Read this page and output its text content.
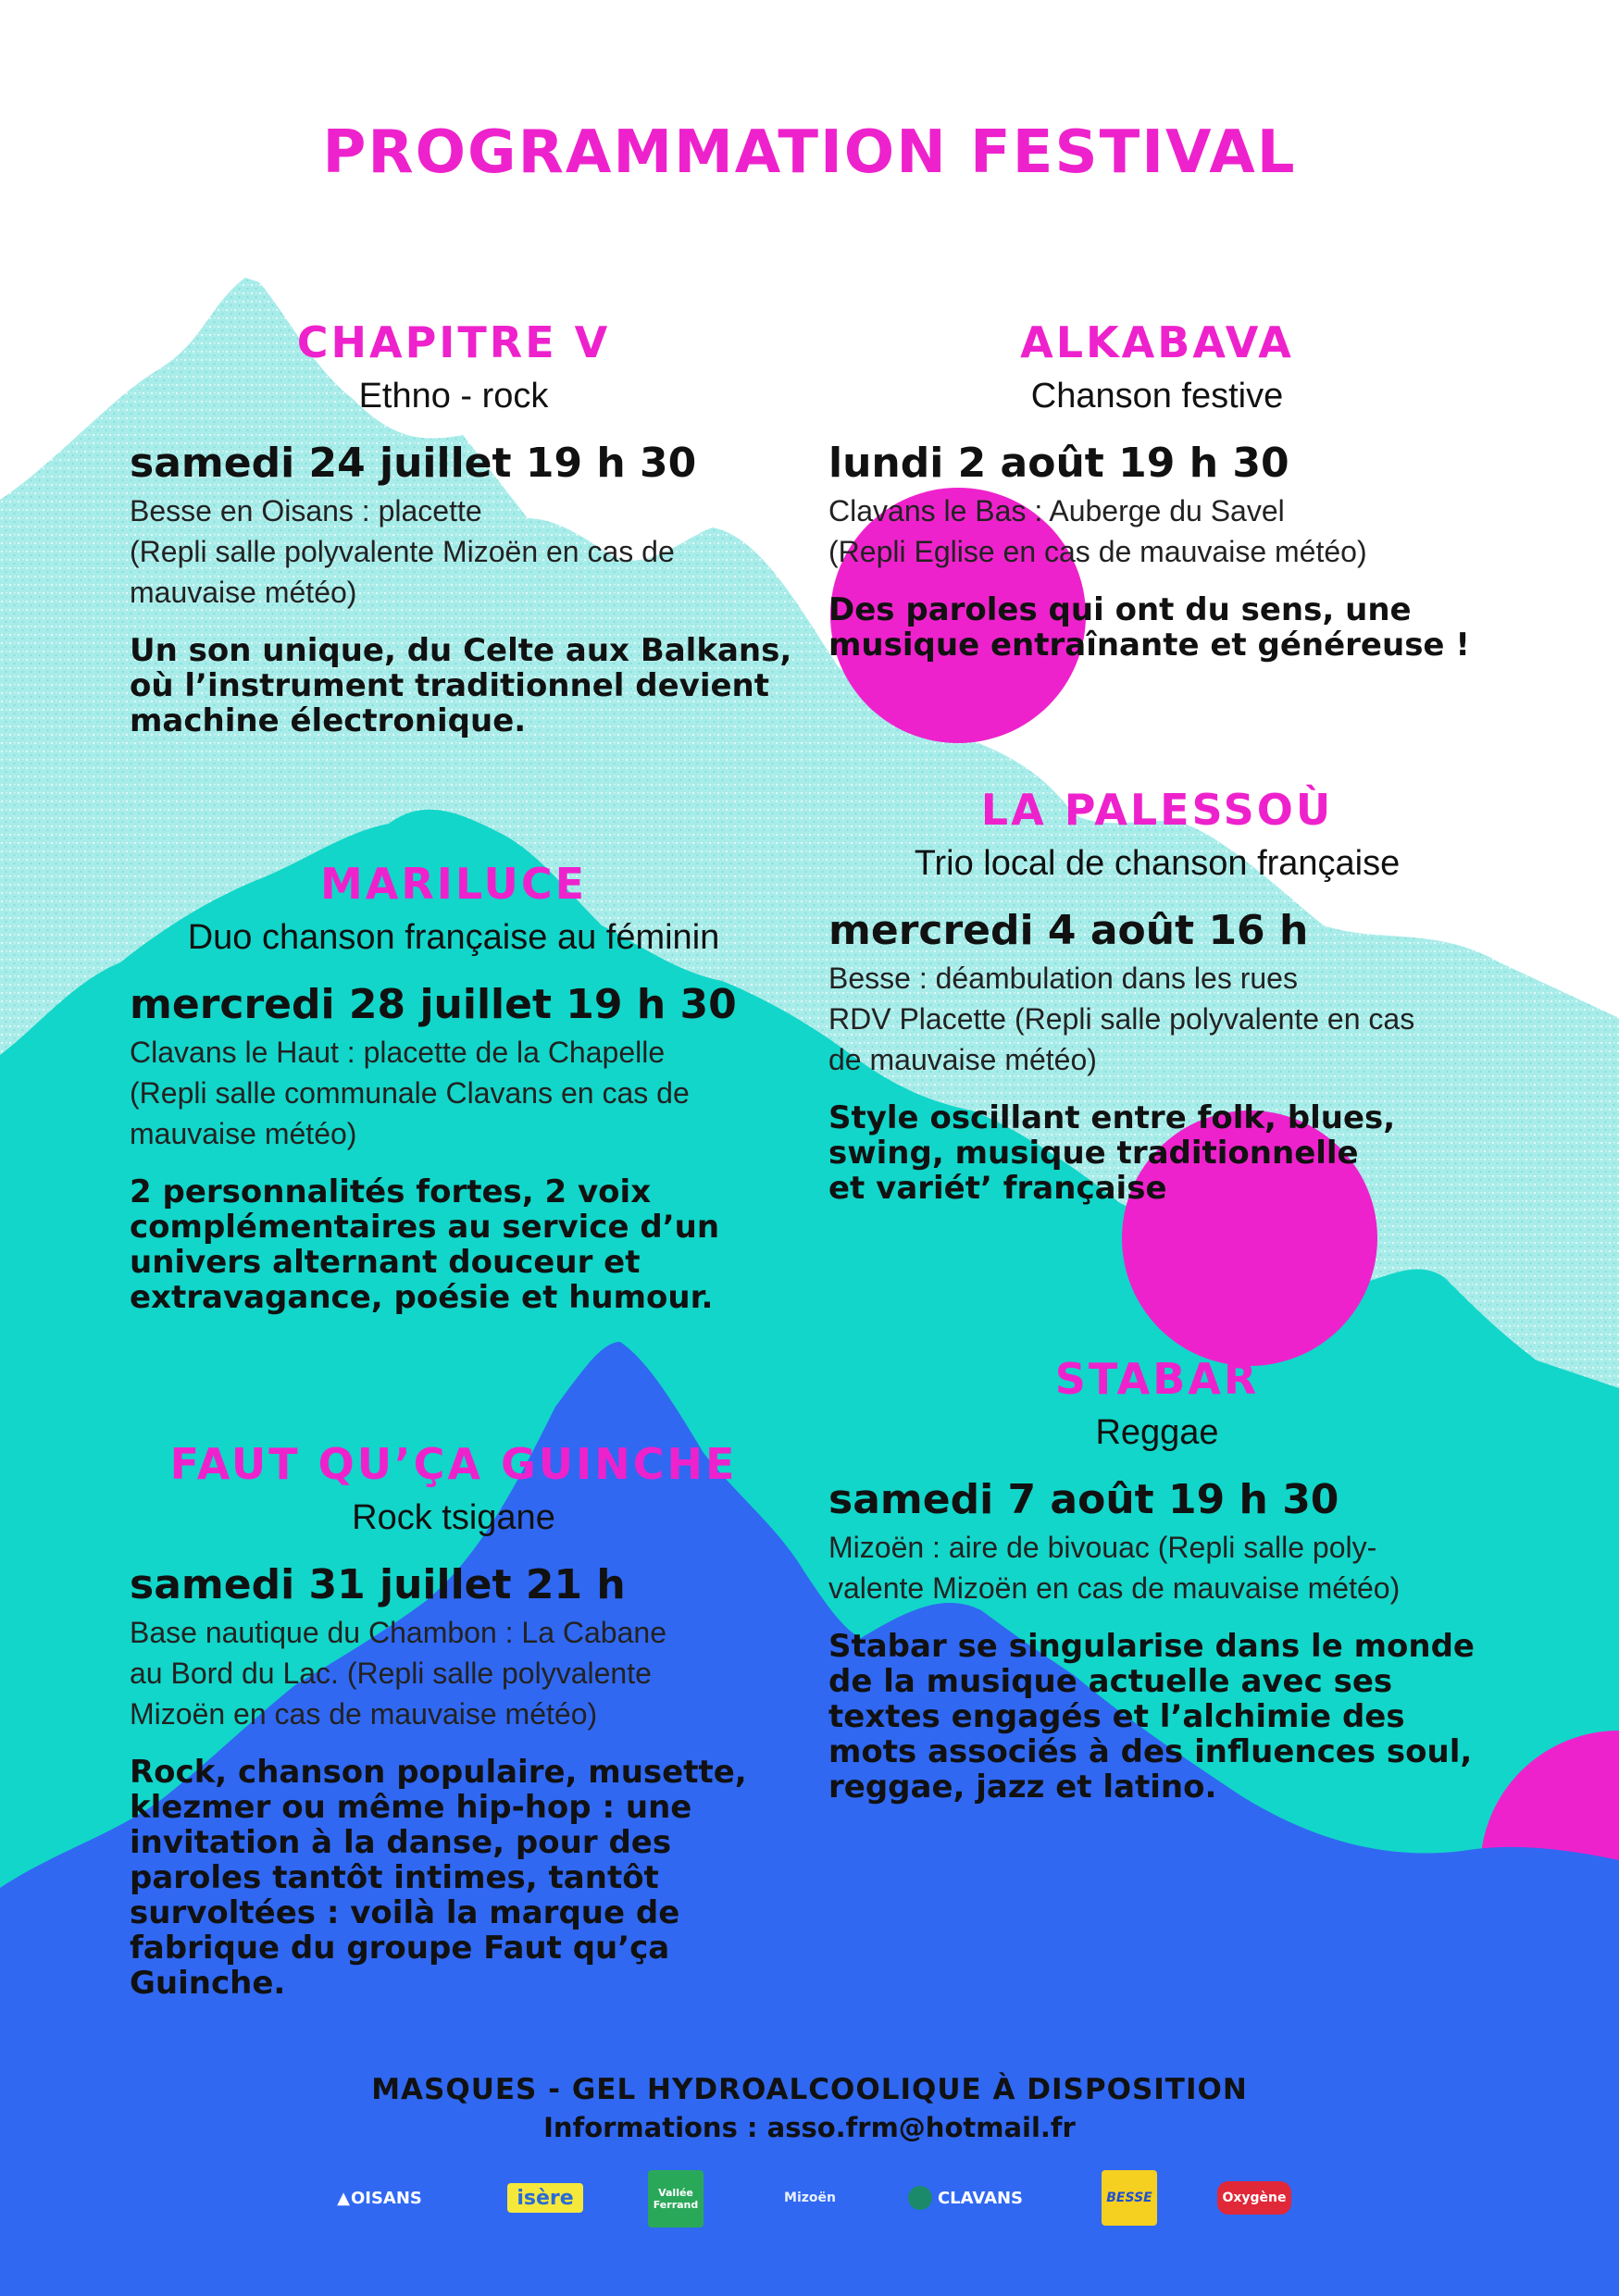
PROGRAMMATION FESTIVAL
CHAPITRE V
Ethno - rock
samedi 24 juillet 19 h 30
Besse en Oisans : placette
(Repli salle polyvalente Mizoën en cas de
mauvaise météo)
Un son unique, du Celte aux Balkans,
où l’instrument traditionnel devient
machine électronique.
ALKABAVA
Chanson festive
lundi 2 août 19 h 30
Clavans le Bas : Auberge du Savel
(Repli Eglise en cas de mauvaise météo)
Des paroles qui ont du sens, une
musique entraînante et généreuse !
MARILUCE
Duo chanson française au féminin
mercredi 28 juillet 19 h 30
Clavans le Haut : placette de la Chapelle
(Repli salle communale Clavans en cas de
mauvaise météo)
2 personnalités fortes, 2 voix
complémentaires au service d’un
univers alternant douceur et
extravagance, poésie et humour.
LA PALESSOÙ
Trio local de chanson française
mercredi 4 août 16 h
Besse : déambulation dans les rues
RDV Placette (Repli salle polyvalente en cas
de mauvaise météo)
Style oscillant entre folk, blues,
swing, musique traditionnelle
et variét’ française
FAUT QU’ÇA GUINCHE
Rock tsigane
samedi 31 juillet 21 h
Base nautique du Chambon : La Cabane
au Bord du Lac. (Repli salle polyvalente
Mizoën en cas de mauvaise météo)
Rock, chanson populaire, musette,
klezmer ou même hip-hop : une
invitation à la danse, pour des
paroles tantôt intimes, tantôt
survoltées : voilà la marque de
fabrique du groupe Faut qu’ça
Guinche.
STABAR
Reggae
samedi 7 août 19 h 30
Mizoën : aire de bivouac (Repli salle poly-
valente Mizoën en cas de mauvaise météo)
Stabar se singularise dans le monde
de la musique actuelle avec ses
textes engagés et l’alchimie des
mots associés à des influences soul,
reggae, jazz et latino.
MASQUES - GEL HYDROALCOOLIQUE À DISPOSITION
Informations : asso.frm@hotmail.fr
▲ OISANS	isère	Vallée Ferrand	Mizoën	CLAVANS	BESSE	Oxygène
